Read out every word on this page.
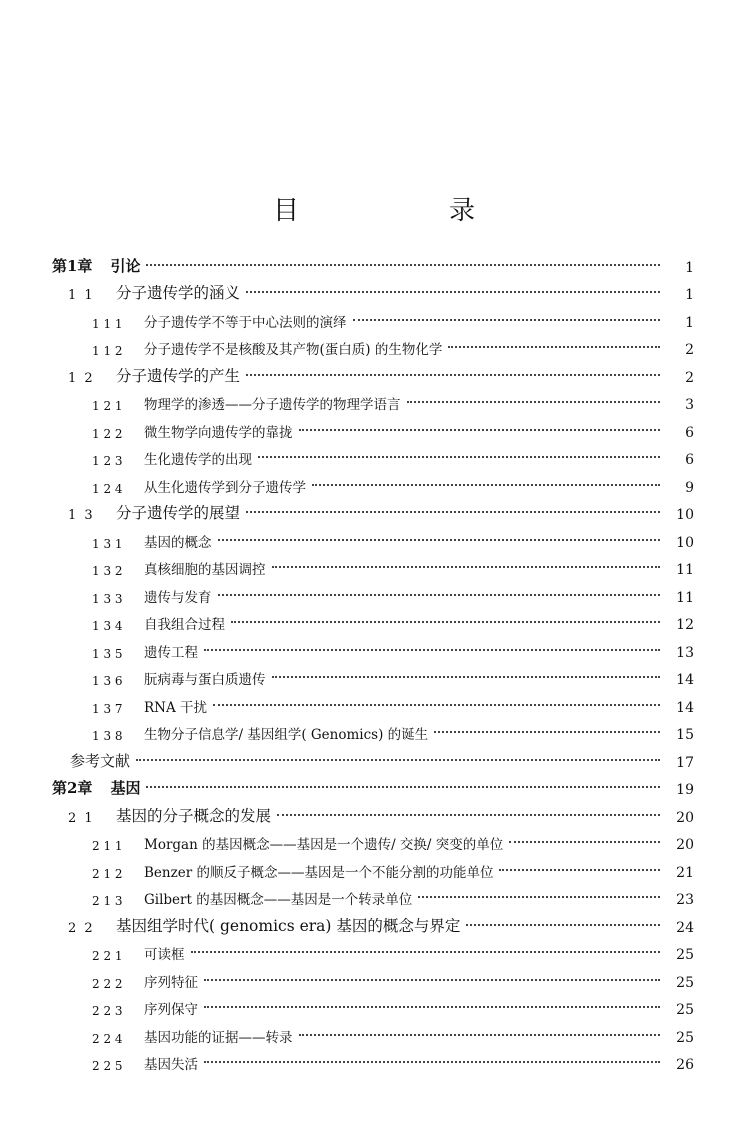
目　录
第1章 引论	1
1 1	分子遗传学的涵义	1
1 1 1	分子遗传学不等于中心法则的演绎	1
1 1 2	分子遗传学不是核酸及其产物(蛋白质) 的生物化学	2
1 2	分子遗传学的产生	2
1 2 1	物理学的渗透——分子遗传学的物理学语言	3
1 2 2	微生物学向遗传学的靠拢	6
1 2 3	生化遗传学的出现	6
1 2 4	从生化遗传学到分子遗传学	9
1 3	分子遗传学的展望	10
1 3 1	基因的概念	10
1 3 2	真核细胞的基因调控	11
1 3 3	遗传与发育	11
1 3 4	自我组合过程	12
1 3 5	遗传工程	13
1 3 6	朊病毒与蛋白质遗传	14
1 3 7	RNA 干扰	14
1 3 8	生物分子信息学/ 基因组学( Genomics) 的诞生	15
参考文献	17
第2章 基因	19
2 1	基因的分子概念的发展	20
2 1 1	Morgan 的基因概念——基因是一个遗传/ 交换/ 突变的单位	20
2 1 2	Benzer 的顺反子概念——基因是一个不能分割的功能单位	21
2 1 3	Gilbert 的基因概念——基因是一个转录单位	23
2 2	基因组学时代( genomics era) 基因的概念与界定	24
2 2 1	可读框	25
2 2 2	序列特征	25
2 2 3	序列保守	25
2 2 4	基因功能的证据——转录	25
2 2 5	基因失活	26
